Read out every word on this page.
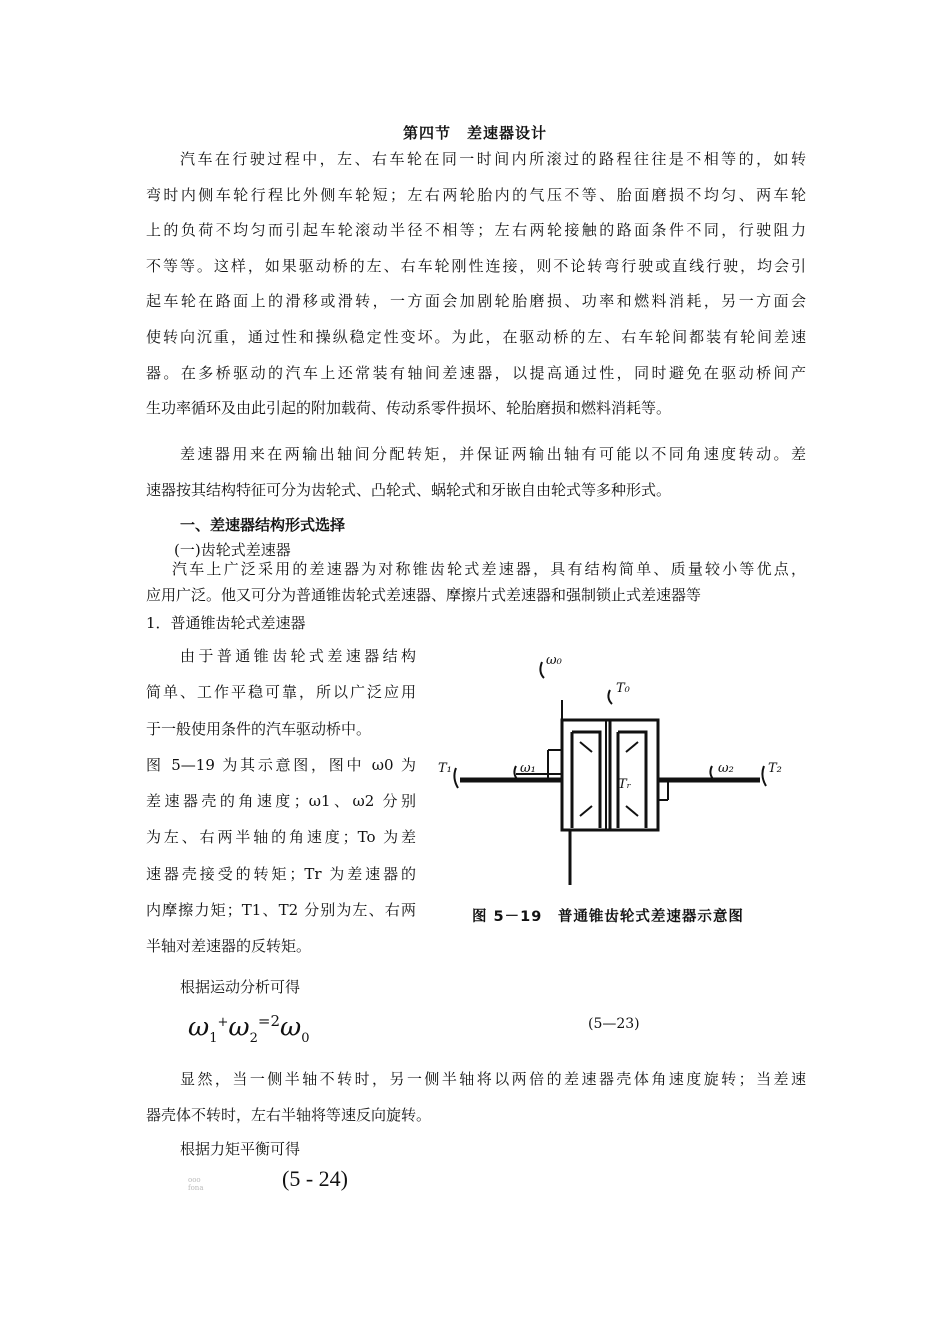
第四节　差速器设计
汽车在行驶过程中，左、右车轮在同一时间内所滚过的路程往往是不相等的，如转
弯时内侧车轮行程比外侧车轮短；左右两轮胎内的气压不等、胎面磨损不均匀、两车轮
上的负荷不均匀而引起车轮滚动半径不相等；左右两轮接触的路面条件不同，行驶阻力
不等等。这样，如果驱动桥的左、右车轮刚性连接，则不论转弯行驶或直线行驶，均会引
起车轮在路面上的滑移或滑转，一方面会加剧轮胎磨损、功率和燃料消耗，另一方面会
使转向沉重，通过性和操纵稳定性变坏。为此，在驱动桥的左、右车轮间都装有轮间差速
器。在多桥驱动的汽车上还常装有轴间差速器，以提高通过性，同时避免在驱动桥间产
生功率循环及由此引起的附加载荷、传动系零件损坏、轮胎磨损和燃料消耗等。
差速器用来在两输出轴间分配转矩，并保证两输出轴有可能以不同角速度转动。差
速器按其结构特征可分为齿轮式、凸轮式、蜗轮式和牙嵌自由轮式等多种形式。
一、差速器结构形式选择
(一)齿轮式差速器
汽车上广泛采用的差速器为对称锥齿轮式差速器，具有结构简单、质量较小等优点，
应用广泛。他又可分为普通锥齿轮式差速器、摩擦片式差速器和强制锁止式差速器等
1．普通锥齿轮式差速器
由于普通锥齿轮式差速器结构
简单、工作平稳可靠，所以广泛应用
于一般使用条件的汽车驱动桥中。
图 5—19 为其示意图，图中 ω0 为
差速器壳的角速度；ω1、ω2 分别
为左、右两半轴的角速度；To 为差
速器壳接受的转矩；Tr 为差速器的
内摩擦力矩；T1、T2 分别为左、右两
半轴对差速器的反转矩。
ω₀
T₀
T₁	ω₁
Tᵣ
ω₂	T₂
图 5－19　普通锥齿轮式差速器示意图
根据运动分析可得
$\omega_1^+\omega_2^{=2}\omega_0$
(5—23)
显然，当一侧半轴不转时，另一侧半轴将以两倍的差速器壳体角速度旋转；当差速
器壳体不转时，左右半轴将等速反向旋转。
根据力矩平衡可得
ooo
fona	(5 - 24)
